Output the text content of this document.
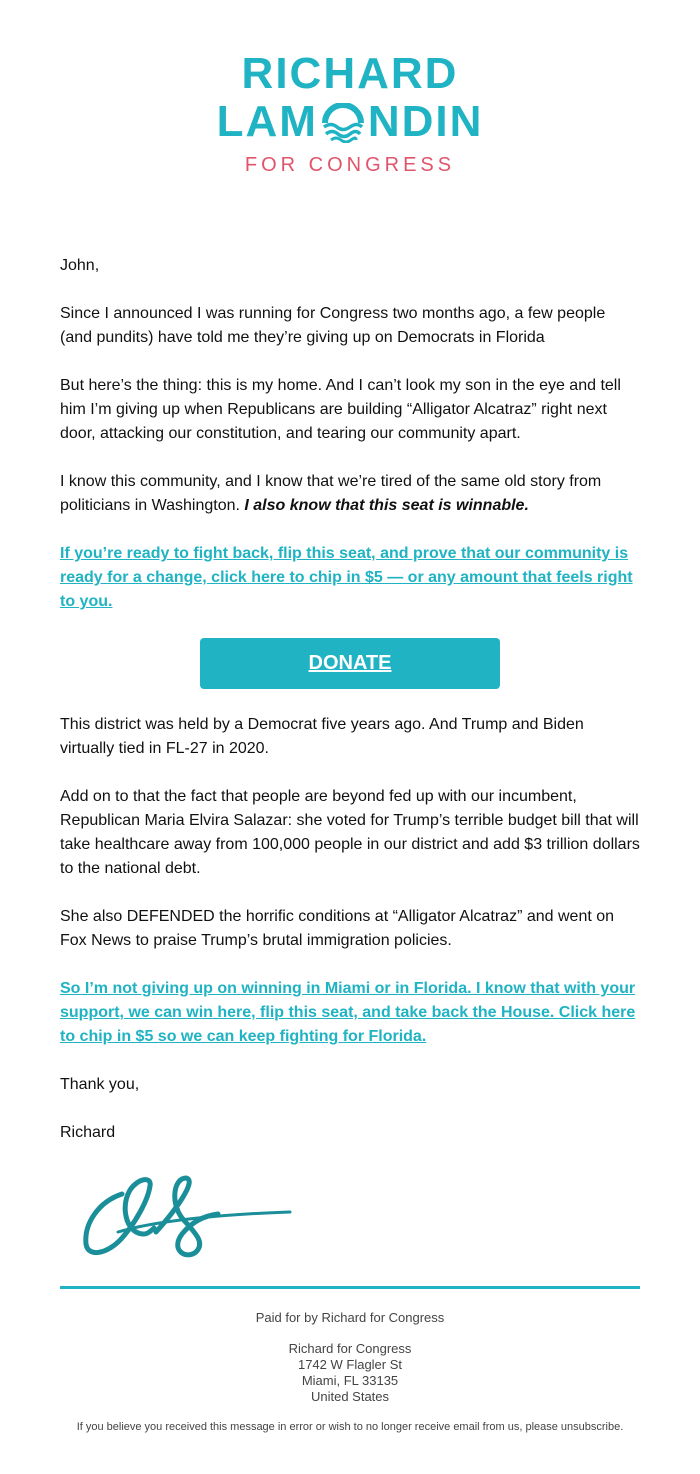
RICHARD
LAM NDIN
FOR CONGRESS

John,

Since I announced I was running for Congress two months ago, a few people (and pundits) have told me they’re giving up on Democrats in Florida

But here’s the thing: this is my home. And I can’t look my son in the eye and tell him I’m giving up when Republicans are building “Alligator Alcatraz” right next door, attacking our constitution, and tearing our community apart.

I know this community, and I know that we’re tired of the same old story from politicians in Washington. I also know that this seat is winnable.

If you’re ready to fight back, flip this seat, and prove that our community is ready for a change, click here to chip in $5 — or any amount that feels right to you.

DONATE

This district was held by a Democrat five years ago. And Trump and Biden virtually tied in FL-27 in 2020.

Add on to that the fact that people are beyond fed up with our incumbent, Republican Maria Elvira Salazar: she voted for Trump’s terrible budget bill that will take healthcare away from 100,000 people in our district and add $3 trillion dollars to the national debt.

She also DEFENDED the horrific conditions at “Alligator Alcatraz” and went on Fox News to praise Trump’s brutal immigration policies.

So I’m not giving up on winning in Miami or in Florida. I know that with your support, we can win here, flip this seat, and take back the House. Click here to chip in $5 so we can keep fighting for Florida.

Thank you,

Richard

Paid for by Richard for Congress

Richard for Congress
1742 W Flagler St
Miami, FL 33135
United States

If you believe you received this message in error or wish to no longer receive email from us, please unsubscribe.
